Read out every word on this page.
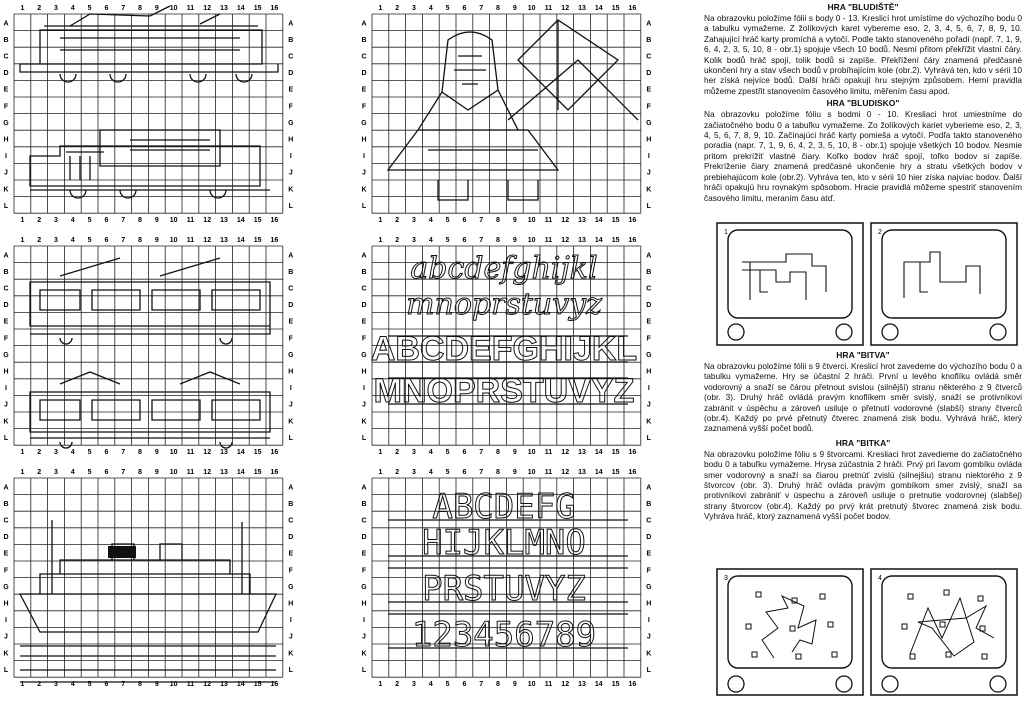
1
1
2
2
3
3
4
4
5
5
6
6
7
7
8
8
9
9
10
10
11
11
12
12
13
13
14
14
15
15
16
16
A	A
B	B
C	C
D	D
E	E
F	F
G	G
H	H
I	I
J	J
K	K
L	L
1
1
2
2
3
3
4
4
5
5
6
6
7
7
8
8
9
9
10
10
11
11
12
12
13
13
14
14
15
15
16
16
A	A
B	B
C	C
D	D
E	E
F	F
G	G
H	H
I	I
J	J
K	K
L	L
1
1
2
2
3
3
4
4
5
5
6
6
7
7
8
8
9
9
10
10
11
11
12
12
13
13
14
14
15
15
16
16
A	A
B	B
C	C
D	D
E	E
F	F
G	G
H	H
I	I
J	J
K	K
L	L
1
1
2
2
3
3
4
4
5
5
6
6
7
7
8
8
9
9
10
10
11
11
12
12
13
13
14
14
15
15
16
16
A	A
B	B
C	C
D	D
E	E
F	F
G	G
H	H
I	I
J	J
K	K
L	L
abcdefghijkl
mnoprstuvyz
ABCDEFGHIJKL
MNOPRSTUVYZ
1
1
2
2
3
3
4
4
5
5
6
6
7
7
8
8
9
9
10
10
11
11
12
12
13
13
14
14
15
15
16
16
A	A
B	B
C	C
D	D
E	E
F	F
G	G
H	H
I	I
J	J
K	K
L	L
1
1
2
2
3
3
4
4
5
5
6
6
7
7
8
8
9
9
10
10
11
11
12
12
13
13
14
14
15
15
16
16
A	A
B	B
C	C
D	D
E	E
F	F
G	G
H	H
I	I
J	J
K	K
L	L
ABCDEFG
HIJKLMNO
PRSTUVYZ
123456789
HRA "BLUDIŠTĚ"

Na obrazovku položíme fólii s body 0 - 13. Kreslicí hrot umístíme do výchozího bodu 0 a tabulku vymažeme. Z žolíkových karet vybereme eso, 2, 3, 4, 5, 6, 7, 8, 9, 10. Zahajující hráč karty promíchá a vytočí. Podle takto stanoveného pořadí (např. 7, 1, 9, 6, 4, 2, 3, 5, 10, 8 - obr.1) spojuje všech 10 bodů. Nesmí přitom překřížit vlastní čáry. Kolik bodů hráč spojí, tolik bodů si zapíše. Překřížení čáry znamená předčasné ukončení hry a stav všech bodů v probíhajícím kole (obr.2). Vyhrává ten, kdo v sérii 10 her získá nejvíce bodů. Další hráči opakují hru stejným způsobem. Herní pravidla můžeme zpestřit stanovením časového limitu, měřením času apod.

HRA "BLUDISKO"

Na obrazovku položíme fóliu s bodmi 0 - 10. Kresliaci hrot umiestníme do začiatočného bodu 0 a tabuľku vymažeme. Zo žolíkových kariet vyberieme eso, 2, 3, 4, 5, 6, 7, 8, 9, 10. Začínajúci hráč karty pomieša a vytočí. Podľa takto stanoveného poradia (napr. 7, 1, 9, 6, 4, 2, 3, 5, 10, 8 - obr.1) spojuje všetkých 10 bodov. Nesmie pritom prekrížiť vlastné čiary. Koľko bodov hráč spojí, toľko bodov si zapíše. Prekríženie čiary znamená predčasné ukončenie hry a stratu všetkých bodov v prebiehajúcom kole (obr.2). Vyhráva ten, kto v sérii 10 hier získa najviac bodov. Ďalší hráči opakujú hru rovnakým spôsobom. Hracie pravidlá môžeme spestriť stanovením časového limitu, meraním času atď.

HRA "BITVA"

Na obrazovku položíme fólii s 9 čtverci. Kreslicí hrot zavedeme do výchozího bodu 0 a tabulku vymažeme. Hry se účastní 2 hráči. První u levého knoflíku ovládá směr vodorovný a snaží se čárou přetnout svislou (silnější) stranu některého z 9 čtverců (obr. 3). Druhý hráč ovládá pravým knoflíkem směr svislý, snaží se protivníkovi zabránit v úspěchu a zároveň usiluje o přetnutí vodorovné (slabší) strany čtverců (obr.4). Každý po prvé přetnutý čtverec znamená zisk bodu. Vyhrává hráč, který zaznamená vyšší počet bodů.

HRA "BITKA"

Na obrazovku položíme fóliu s 9 štvorcami. Kresliaci hrot zavedieme do začiatočného bodu 0 a tabuľku vymažeme. Hrysa zúčastnia 2 hráči. Prvý pri ľavom gombíku ovláda smer vodorovný a snaží sa čiarou pretnúť zvislú (silnejšiu) stranu niektorého z 9 štvorcov (obr. 3). Druhý hráč ovláda pravým gombíkom smer zvislý, snaží sa protivníkovi zabrániť v úspechu a zároveň usiluje o pretnutie vodorovnej (slabšej) strany štvorcov (obr.4). Každý po prvý krát pretnutý štvorec znamená zisk bodu. Vyhráva hráč, ktorý zaznamená vyšší počet bodov.

1	2
3	4
